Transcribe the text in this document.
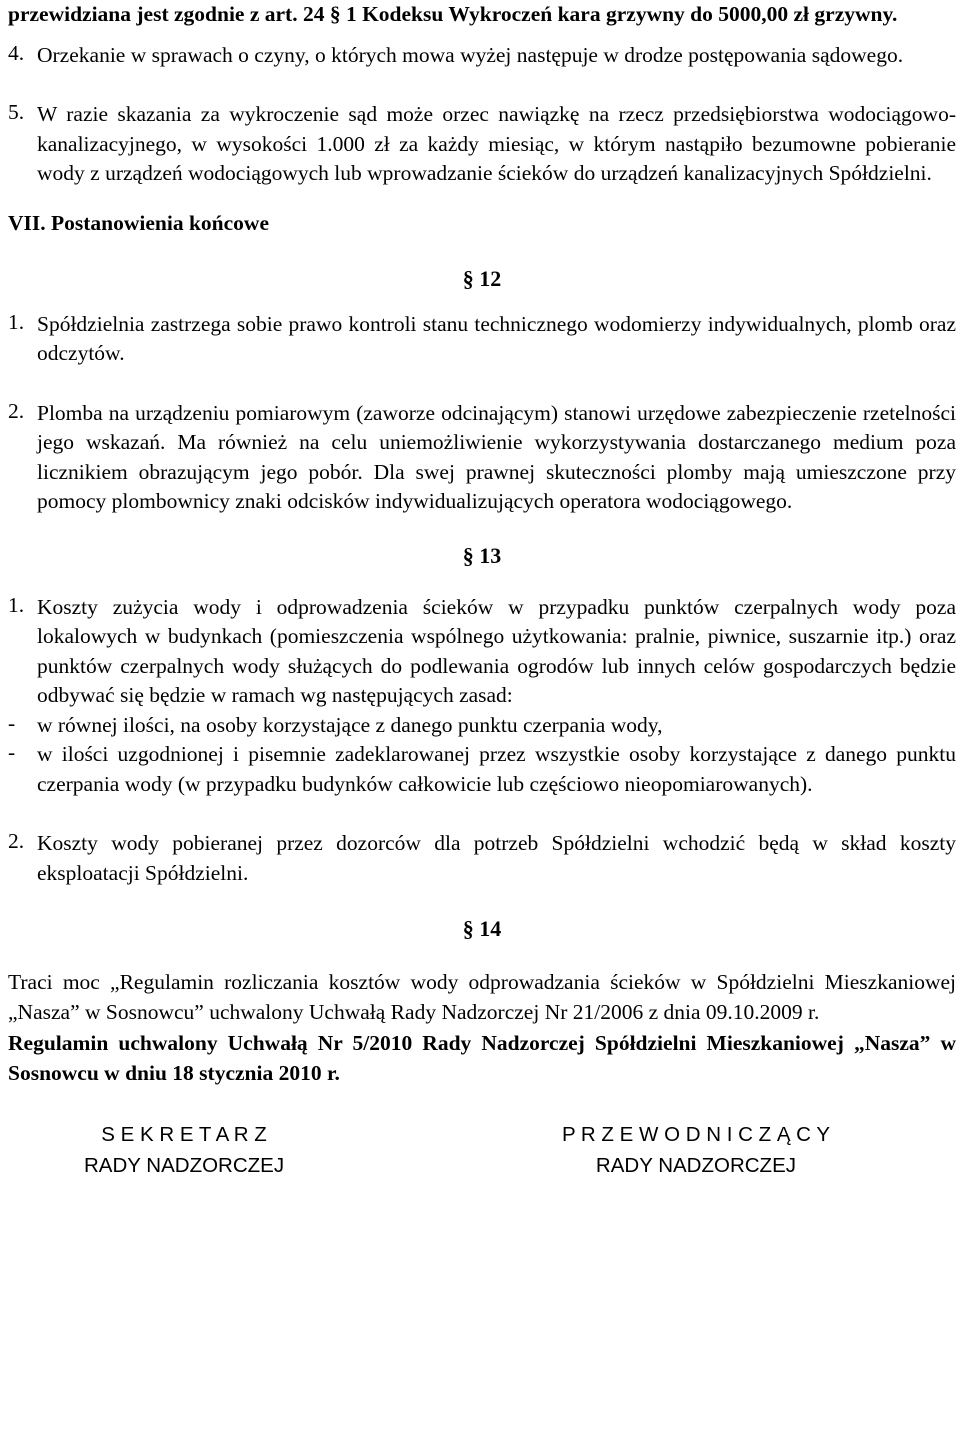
przewidziana jest zgodnie z art. 24 § 1 Kodeksu Wykroczeń kara grzywny do 5000,00 zł grzywny.

4. Orzekanie w sprawach o czyny, o których mowa wyżej następuje w drodze postępowania sądowego.

5. W razie skazania za wykroczenie sąd może orzec nawiązkę na rzecz przedsiębiorstwa wodociągowo-kanalizacyjnego, w wysokości 1.000 zł za każdy miesiąc, w którym nastąpiło bezumowne pobieranie wody z urządzeń wodociągowych lub wprowadzanie ścieków do urządzeń kanalizacyjnych Spółdzielni.

VII. Postanowienia końcowe

§ 12

1. Spółdzielnia zastrzega sobie prawo kontroli stanu technicznego wodomierzy indywidualnych, plomb oraz odczytów.

2. Plomba na urządzeniu pomiarowym (zaworze odcinającym) stanowi urzędowe zabezpieczenie rzetelności jego wskazań. Ma również na celu uniemożliwienie wykorzystywania dostarczanego medium poza licznikiem obrazującym jego pobór. Dla swej prawnej skuteczności plomby mają umieszczone przy pomocy plombownicy znaki odcisków indywidualizujących operatora wodociągowego.

§ 13

1. Koszty zużycia wody i odprowadzenia ścieków w przypadku punktów czerpalnych wody poza lokalowych w budynkach (pomieszczenia wspólnego użytkowania: pralnie, piwnice, suszarnie itp.) oraz punktów czerpalnych wody służących do podlewania ogrodów lub innych celów gospodarczych będzie odbywać się będzie w ramach wg następujących zasad:

-	w równej ilości, na osoby korzystające z danego punktu czerpania wody,

-	w ilości uzgodnionej i pisemnie zadeklarowanej przez wszystkie osoby korzystające z danego punktu czerpania wody (w przypadku budynków całkowicie lub częściowo nieopomiarowanych).

2. Koszty wody pobieranej przez dozorców dla potrzeb Spółdzielni wchodzić będą w skład koszty eksploatacji Spółdzielni.

§ 14

Traci moc „Regulamin rozliczania kosztów wody odprowadzania ścieków w Spółdzielni Mieszkaniowej „Nasza” w Sosnowcu” uchwalony Uchwałą Rady Nadzorczej Nr 21/2006 z dnia 09.10.2009 r.

Regulamin uchwalony Uchwałą Nr 5/2010 Rady Nadzorczej Spółdzielni Mieszkaniowej „Nasza” w Sosnowcu w dniu 18 stycznia 2010 r.

S E K R E T A R Z
RADY NADZORCZEJ
P R Z E W O D N I C Z Ą C Y
RADY NADZORCZEJ
